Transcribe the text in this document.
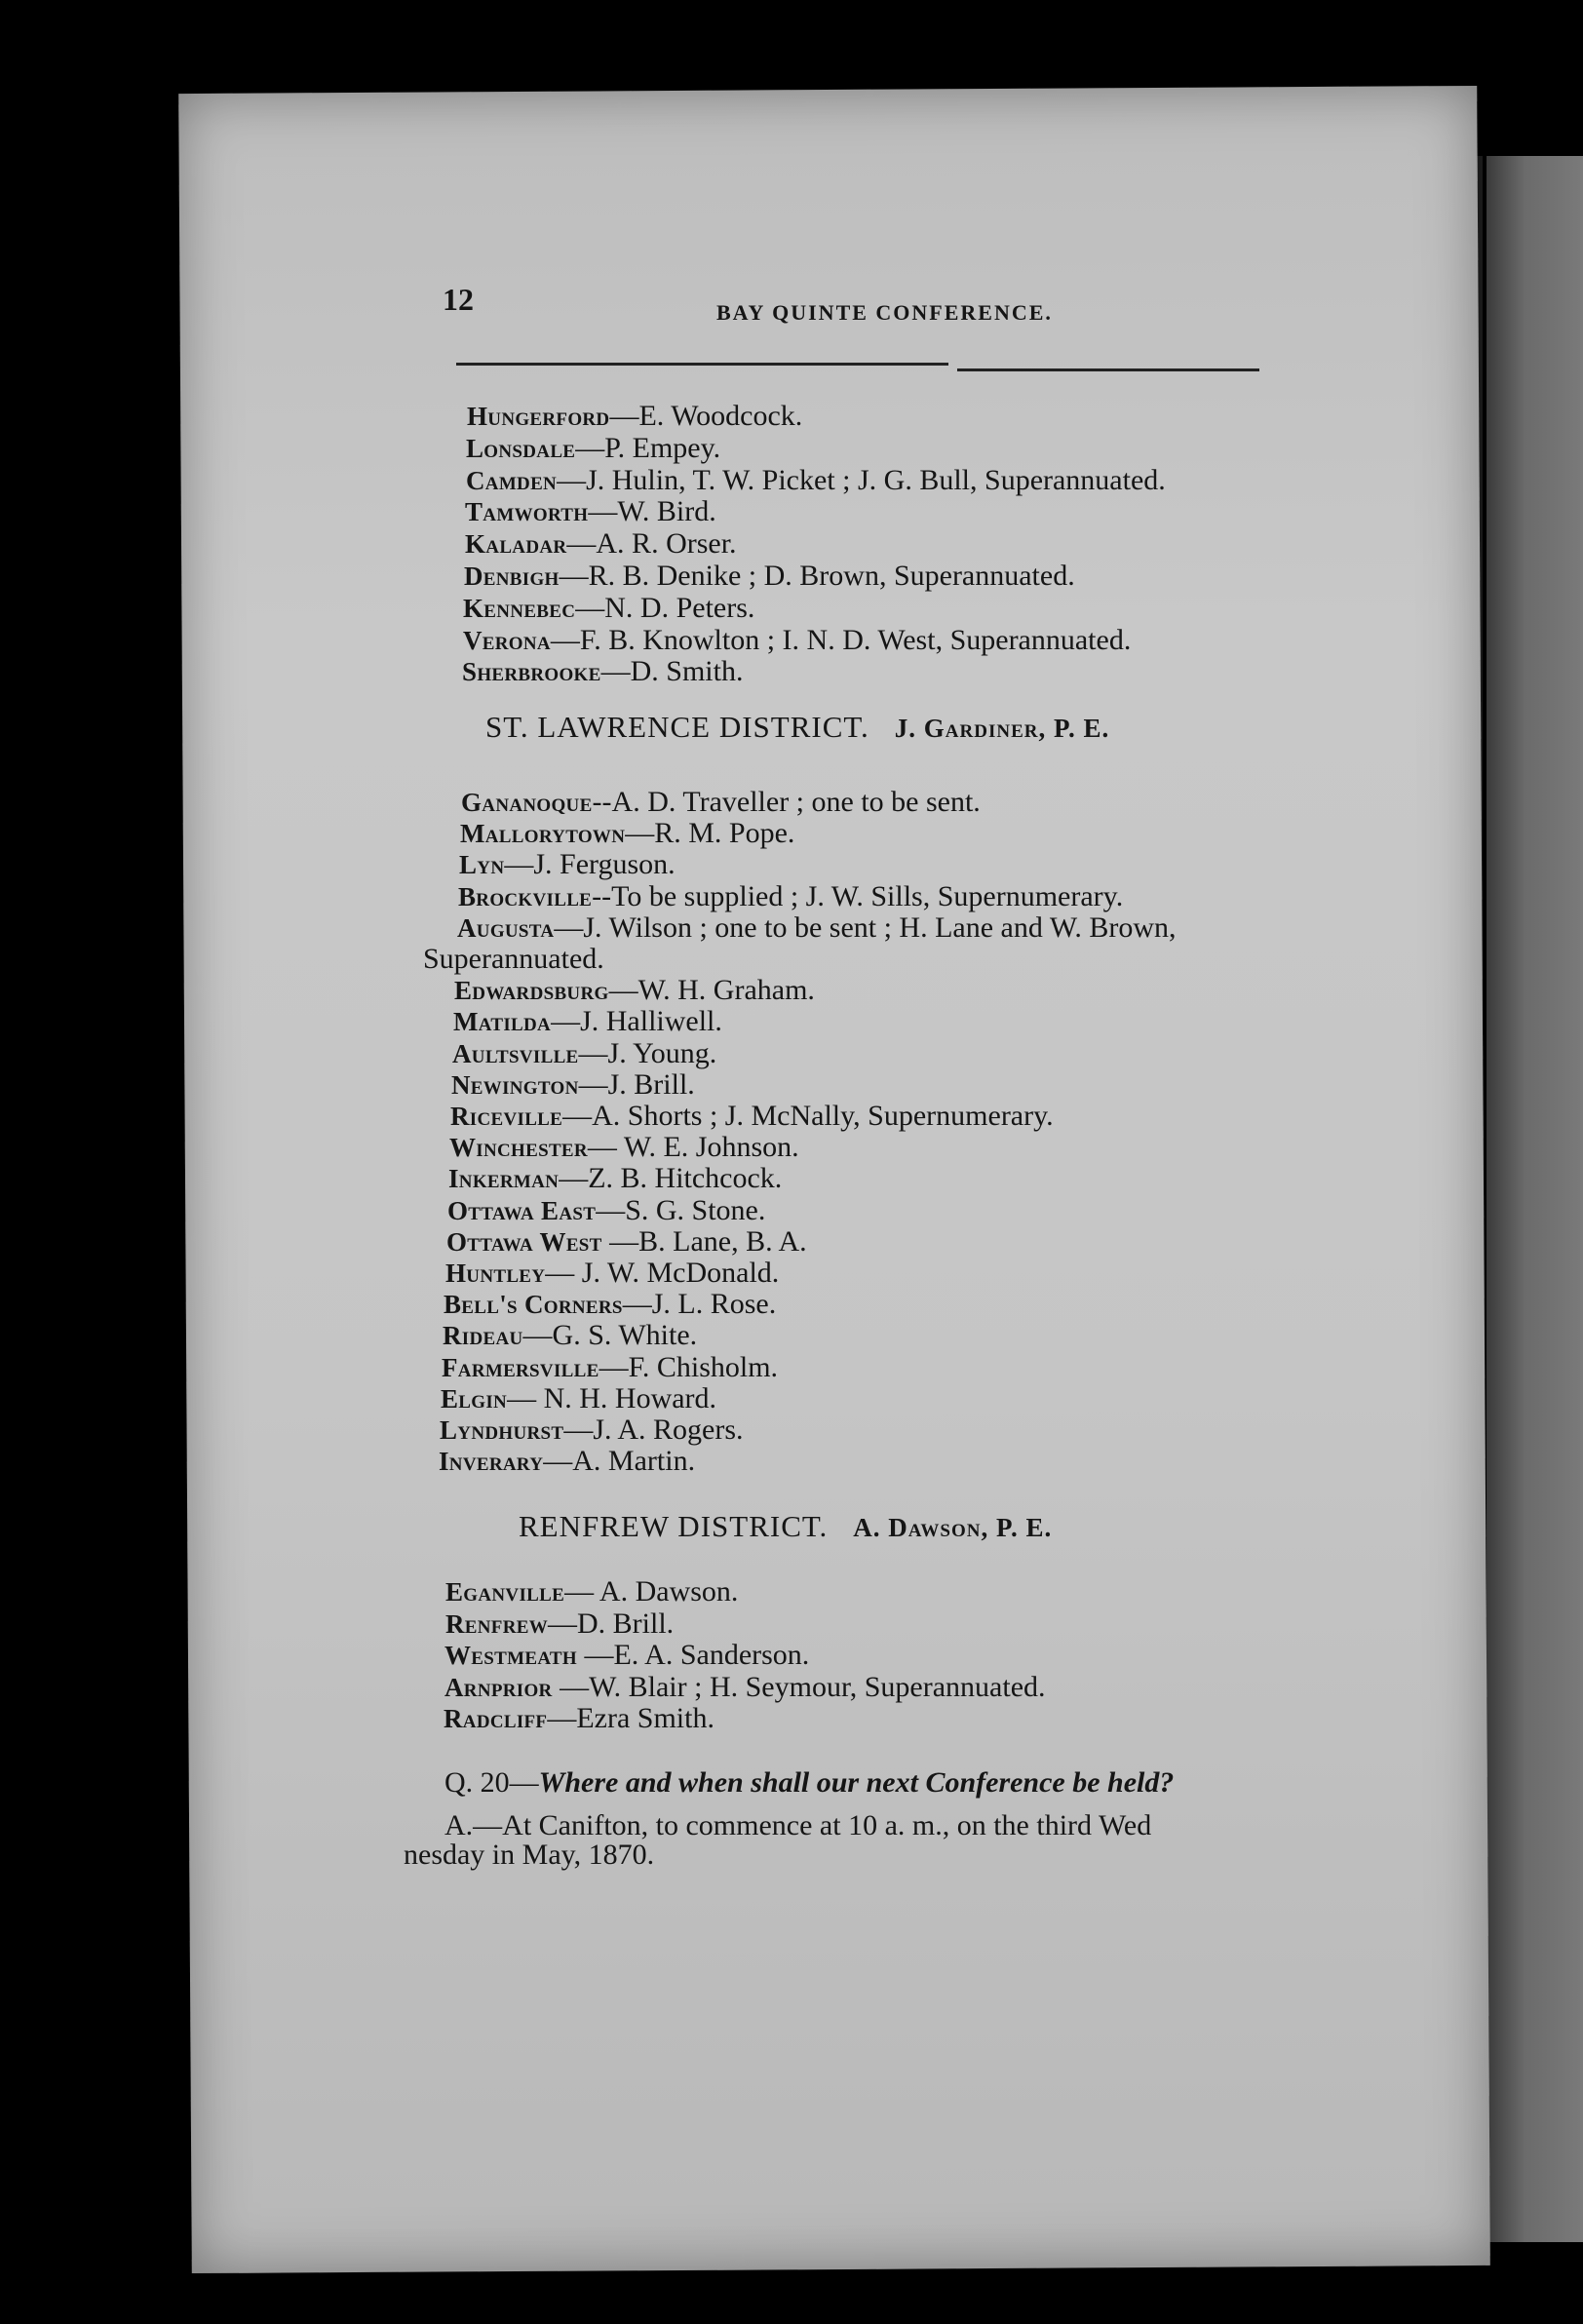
12	BAY QUINTE CONFERENCE.
Hungerford—E. Woodcock.
Lonsdale—P. Empey.
Camden—J. Hulin, T. W. Picket ; J. G. Bull, Superannuated.
Tamworth—W. Bird.
Kaladar—A. R. Orser.
Denbigh—R. B. Denike ; D. Brown, Superannuated.
Kennebec—N. D. Peters.
Verona—F. B. Knowlton ; I. N. D. West, Superannuated.
Sherbrooke—D. Smith.
ST. LAWRENCE DISTRICT. J. Gardiner, P. E.
Gananoque--A. D. Traveller ; one to be sent.
Mallorytown—R. M. Pope.
Lyn—J. Ferguson.
Brockville--To be supplied ; J. W. Sills, Supernumerary.
Augusta—J. Wilson ; one to be sent ; H. Lane and W. Brown,
Superannuated.
Edwardsburg—W. H. Graham.
Matilda—J. Halliwell.
Aultsville—J. Young.
Newington—J. Brill.
Riceville—A. Shorts ; J. McNally, Supernumerary.
Winchester— W. E. Johnson.
Inkerman—Z. B. Hitchcock.
Ottawa East—S. G. Stone.
Ottawa West —B. Lane, B. A.
Huntley— J. W. McDonald.
Bell's Corners—J. L. Rose.
Rideau—G. S. White.
Farmersville—F. Chisholm.
Elgin— N. H. Howard.
Lyndhurst—J. A. Rogers.
Inverary—A. Martin.
RENFREW DISTRICT. A. Dawson, P. E.
Eganville— A. Dawson.
Renfrew—D. Brill.
Westmeath —E. A. Sanderson.
Arnprior —W. Blair ; H. Seymour, Superannuated.
Radcliff—Ezra Smith.
Q. 20—Where and when shall our next Conference be held?
A.—At Canifton, to commence at 10 a. m., on the third Wed
nesday in May, 1870.
